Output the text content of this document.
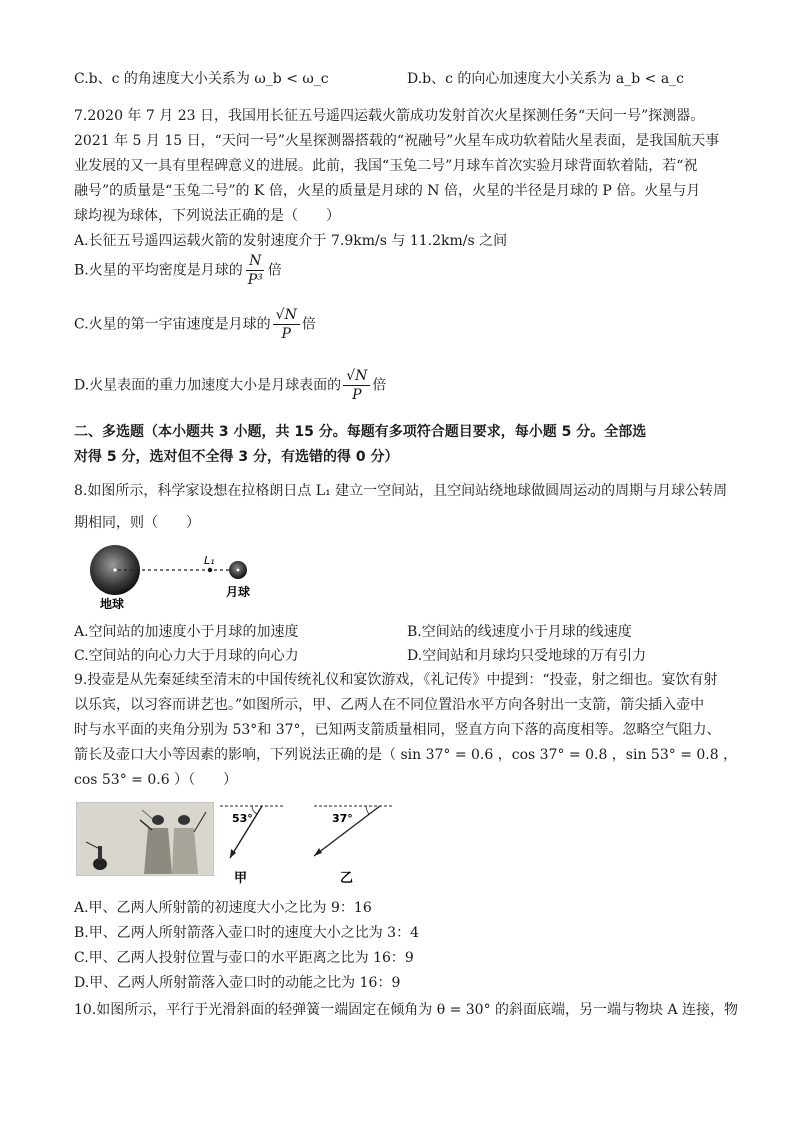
C.b、c 的角速度大小关系为 ω_b < ω_c	D.b、c 的向心加速度大小关系为 a_b < a_c
7.2020 年 7 月 23 日，我国用长征五号遥四运载火箭成功发射首次火星探测任务“天问一号”探测器。
2021 年 5 月 15 日，“天问一号”火星探测器搭载的“祝融号”火星车成功软着陆火星表面，是我国航天事
业发展的又一具有里程碑意义的进展。此前，我国“玉兔二号”月球车首次实验月球背面软着陆，若“祝
融号”的质量是“玉兔二号”的 K 倍，火星的质量是月球的 N 倍，火星的半径是月球的 P 倍。火星与月
球均视为球体，下列说法正确的是（　　）
A.长征五号遥四运载火箭的发射速度介于 7.9km/s 与 11.2km/s 之间
B.火星的平均密度是月球的 $\frac{N}{\text{P³}}$ 倍
C.火星的第一宇宙速度是月球的 $\frac{√N}{P}$ 倍
D.火星表面的重力加速度大小是月球表面的 $\frac{√N}{P}$ 倍
二、多选题（本小题共 3 小题，共 15 分。每题有多项符合题目要求，每小题 5 分。全部选
对得 5 分，选对但不全得 3 分，有选错的得 0 分）
8.如图所示，科学家设想在拉格朗日点 L₁ 建立一空间站，且空间站绕地球做圆周运动的周期与月球公转周
期相同，则（　　）
L₁
地球
月球
A.空间站的加速度小于月球的加速度	B.空间站的线速度小于月球的线速度
C.空间站的向心力大于月球的向心力	D.空间站和月球均只受地球的万有引力
9.投壶是从先秦延续至清末的中国传统礼仪和宴饮游戏，《礼记传》中提到：“投壶，射之细也。宴饮有射
以乐宾，以习容而讲艺也。”如图所示，甲、乙两人在不同位置沿水平方向各射出一支箭，箭尖插入壶中
时与水平面的夹角分别为 53°和 37°，已知两支箭质量相同，竖直方向下落的高度相等。忽略空气阻力、
箭长及壶口大小等因素的影响，下列说法正确的是（ sin 37° = 0.6 ，cos 37° = 0.8 ，sin 53° = 0.8 ，
cos 53° = 0.6 ）（　　）
53°
甲
37°
乙
A.甲、乙两人所射箭的初速度大小之比为 9：16
B.甲、乙两人所射箭落入壶口时的速度大小之比为 3：4
C.甲、乙两人投射位置与壶口的水平距离之比为 16：9
D.甲、乙两人所射箭落入壶口时的动能之比为 16：9
10.如图所示，平行于光滑斜面的轻弹簧一端固定在倾角为 θ = 30° 的斜面底端，另一端与物块 A 连接，物
